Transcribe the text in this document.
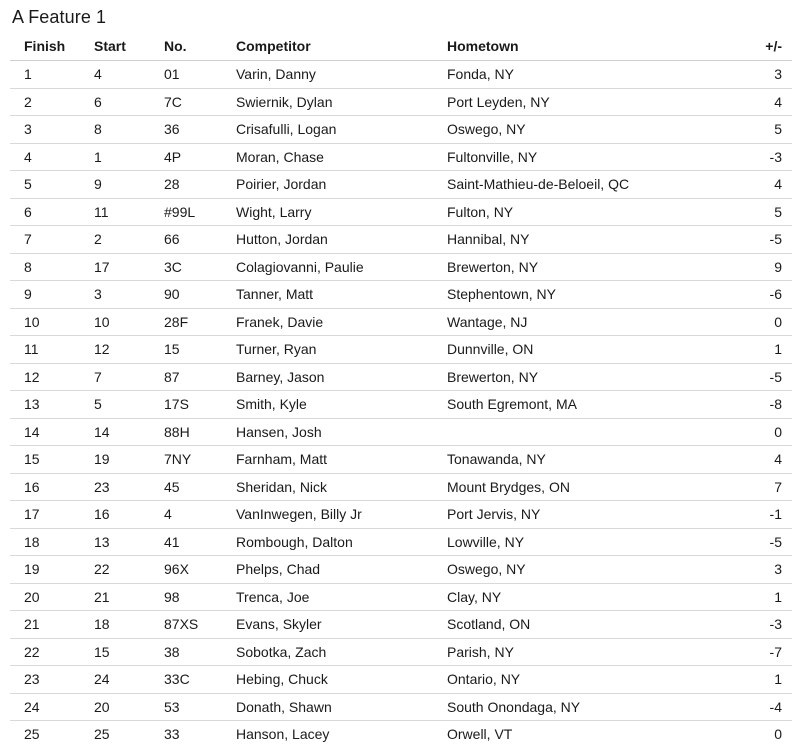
A Feature 1
Finish	Start	No.	Competitor	Hometown	+/-
1	4	01	Varin, Danny	Fonda, NY	3
2	6	7C	Swiernik, Dylan	Port Leyden, NY	4
3	8	36	Crisafulli, Logan	Oswego, NY	5
4	1	4P	Moran, Chase	Fultonville, NY	-3
5	9	28	Poirier, Jordan	Saint-Mathieu-de-Beloeil, QC	4
6	11	#99L	Wight, Larry	Fulton, NY	5
7	2	66	Hutton, Jordan	Hannibal, NY	-5
8	17	3C	Colagiovanni, Paulie	Brewerton, NY	9
9	3	90	Tanner, Matt	Stephentown, NY	-6
10	10	28F	Franek, Davie	Wantage, NJ	0
11	12	15	Turner, Ryan	Dunnville, ON	1
12	7	87	Barney, Jason	Brewerton, NY	-5
13	5	17S	Smith, Kyle	South Egremont, MA	-8
14	14	88H	Hansen, Josh		0
15	19	7NY	Farnham, Matt	Tonawanda, NY	4
16	23	45	Sheridan, Nick	Mount Brydges, ON	7
17	16	4	VanInwegen, Billy Jr	Port Jervis, NY	-1
18	13	41	Rombough, Dalton	Lowville, NY	-5
19	22	96X	Phelps, Chad	Oswego, NY	3
20	21	98	Trenca, Joe	Clay, NY	1
21	18	87XS	Evans, Skyler	Scotland, ON	-3
22	15	38	Sobotka, Zach	Parish, NY	-7
23	24	33C	Hebing, Chuck	Ontario, NY	1
24	20	53	Donath, Shawn	South Onondaga, NY	-4
25	25	33	Hanson, Lacey	Orwell, VT	0
